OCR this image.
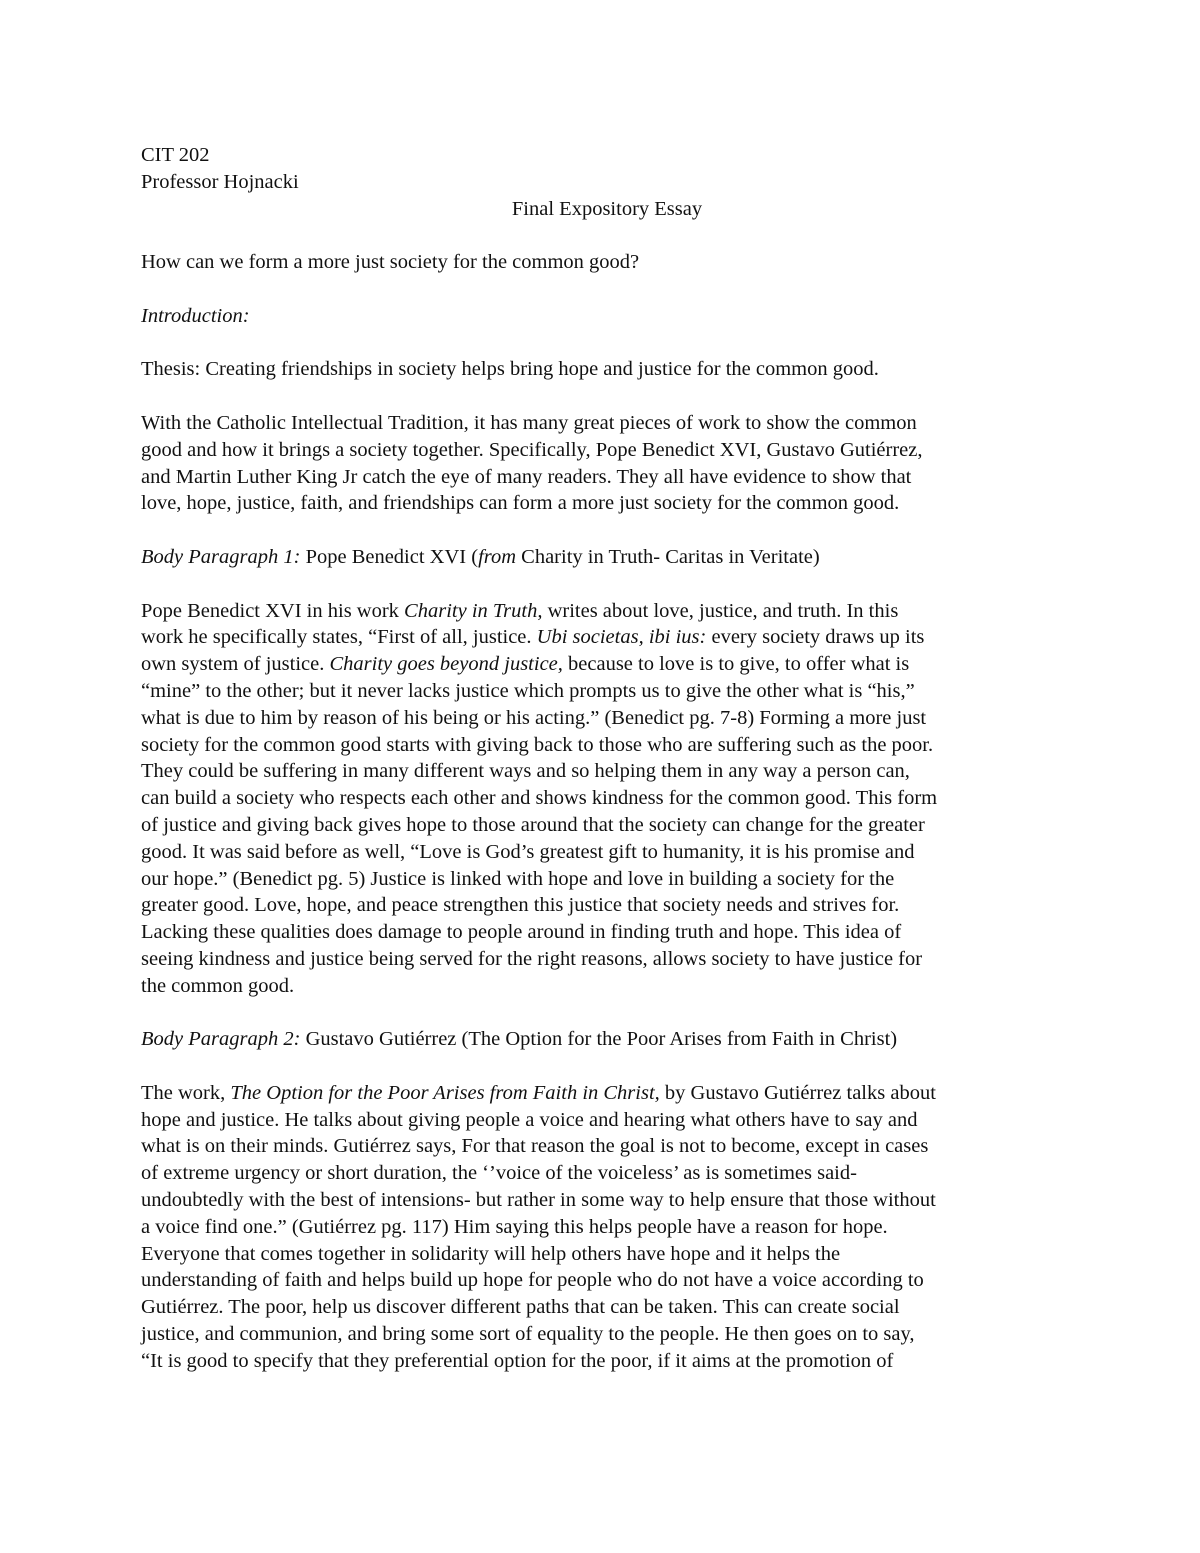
CIT 202

Professor Hojnacki

Final Expository Essay

How can we form a more just society for the common good?

Introduction:

Thesis: Creating friendships in society helps bring hope and justice for the common good.

With the Catholic Intellectual Tradition, it has many great pieces of work to show the common
good and how it brings a society together. Specifically, Pope Benedict XVI, Gustavo Gutiérrez,
and Martin Luther King Jr catch the eye of many readers. They all have evidence to show that
love, hope, justice, faith, and friendships can form a more just society for the common good.

Body Paragraph 1: Pope Benedict XVI (from Charity in Truth- Caritas in Veritate)

Pope Benedict XVI in his work Charity in Truth, writes about love, justice, and truth. In this
work he specifically states, “First of all, justice. Ubi societas, ibi ius: every society draws up its
own system of justice. Charity goes beyond justice, because to love is to give, to offer what is
“mine” to the other; but it never lacks justice which prompts us to give the other what is “his,”
what is due to him by reason of his being or his acting.” (Benedict pg. 7-8) Forming a more just
society for the common good starts with giving back to those who are suffering such as the poor.
They could be suffering in many different ways and so helping them in any way a person can,
can build a society who respects each other and shows kindness for the common good. This form
of justice and giving back gives hope to those around that the society can change for the greater
good. It was said before as well, “Love is God’s greatest gift to humanity, it is his promise and
our hope.” (Benedict pg. 5) Justice is linked with hope and love in building a society for the
greater good. Love, hope, and peace strengthen this justice that society needs and strives for.
Lacking these qualities does damage to people around in finding truth and hope. This idea of
seeing kindness and justice being served for the right reasons, allows society to have justice for
the common good.

Body Paragraph 2: Gustavo Gutiérrez (The Option for the Poor Arises from Faith in Christ)

The work, The Option for the Poor Arises from Faith in Christ, by Gustavo Gutiérrez talks about
hope and justice. He talks about giving people a voice and hearing what others have to say and
what is on their minds. Gutiérrez says, For that reason the goal is not to become, except in cases
of extreme urgency or short duration, the ‘’voice of the voiceless’ as is sometimes said-
undoubtedly with the best of intensions- but rather in some way to help ensure that those without
a voice find one.” (Gutiérrez pg. 117) Him saying this helps people have a reason for hope.
Everyone that comes together in solidarity will help others have hope and it helps the
understanding of faith and helps build up hope for people who do not have a voice according to
Gutiérrez. The poor, help us discover different paths that can be taken. This can create social
justice, and communion, and bring some sort of equality to the people. He then goes on to say,
“It is good to specify that they preferential option for the poor, if it aims at the promotion of
